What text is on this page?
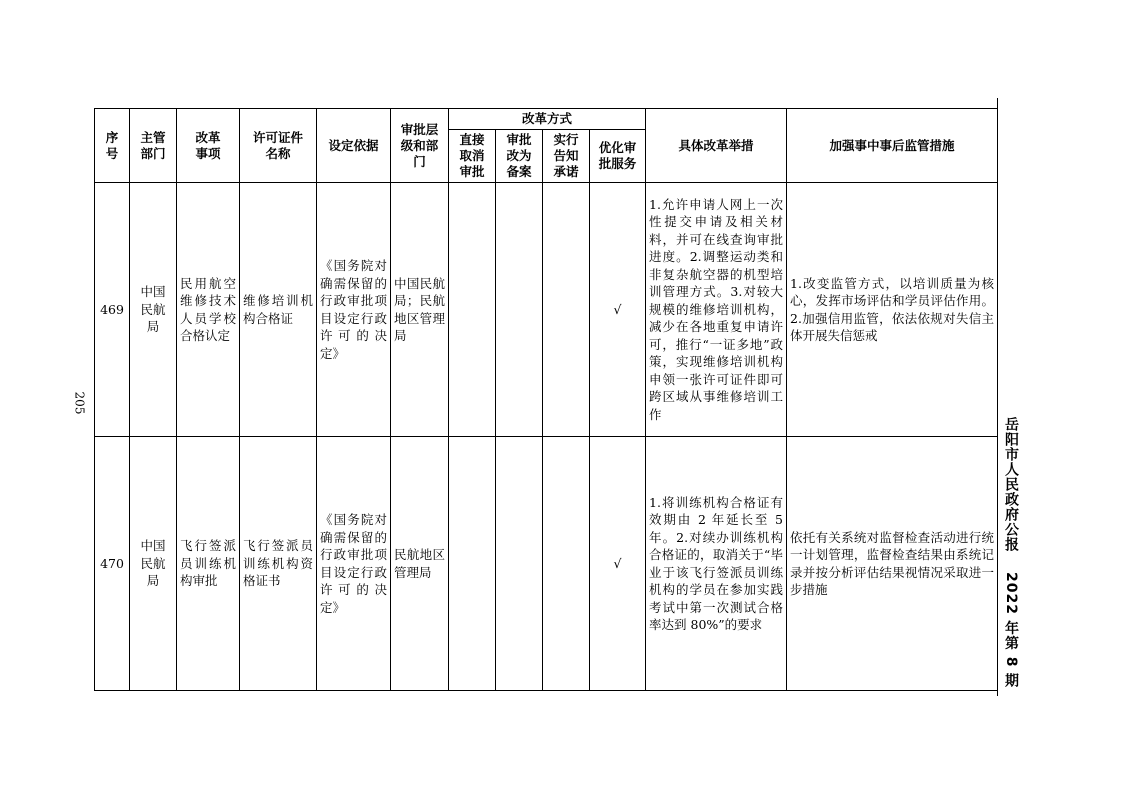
205
岳阳市人民政府公报 2022 年第 8 期
序号	主管部门	改革事项	许可证件名称	设定依据	审批层级和部门	改革方式				具体改革举措	加强事中事后监管措施

						直接取消审批	审批改为备案	实行告知承诺	优化审批服务		

469	中国民航局	民用航空维修技术人员学校合格认定	维修培训机构合格证	《国务院对确需保留的行政审批项目设定行政许可的决定》	中国民航局；民航地区管理局				√	1.允许申请人网上一次性提交申请及相关材料，并可在线查询审批进度。2.调整运动类和非复杂航空器的机型培训管理方式。3.对较大规模的维修培训机构，减少在各地重复申请许可，推行“一证多地”政策，实现维修培训机构申领一张许可证件即可跨区域从事维修培训工作	1.改变监管方式，以培训质量为核心，发挥市场评估和学员评估作用。2.加强信用监管，依法依规对失信主体开展失信惩戒
470	中国民航局	飞行签派员训练机构审批	飞行签派员训练机构资格证书	《国务院对确需保留的行政审批项目设定行政许可的决定》	民航地区管理局				√	1.将训练机构合格证有效期由 2 年延长至 5 年。2.对续办训练机构合格证的，取消关于“毕业于该飞行签派员训练机构的学员在参加实践考试中第一次测试合格率达到 80%”的要求	依托有关系统对监督检查活动进行统一计划管理，监督检查结果由系统记录并按分析评估结果视情况采取进一步措施
